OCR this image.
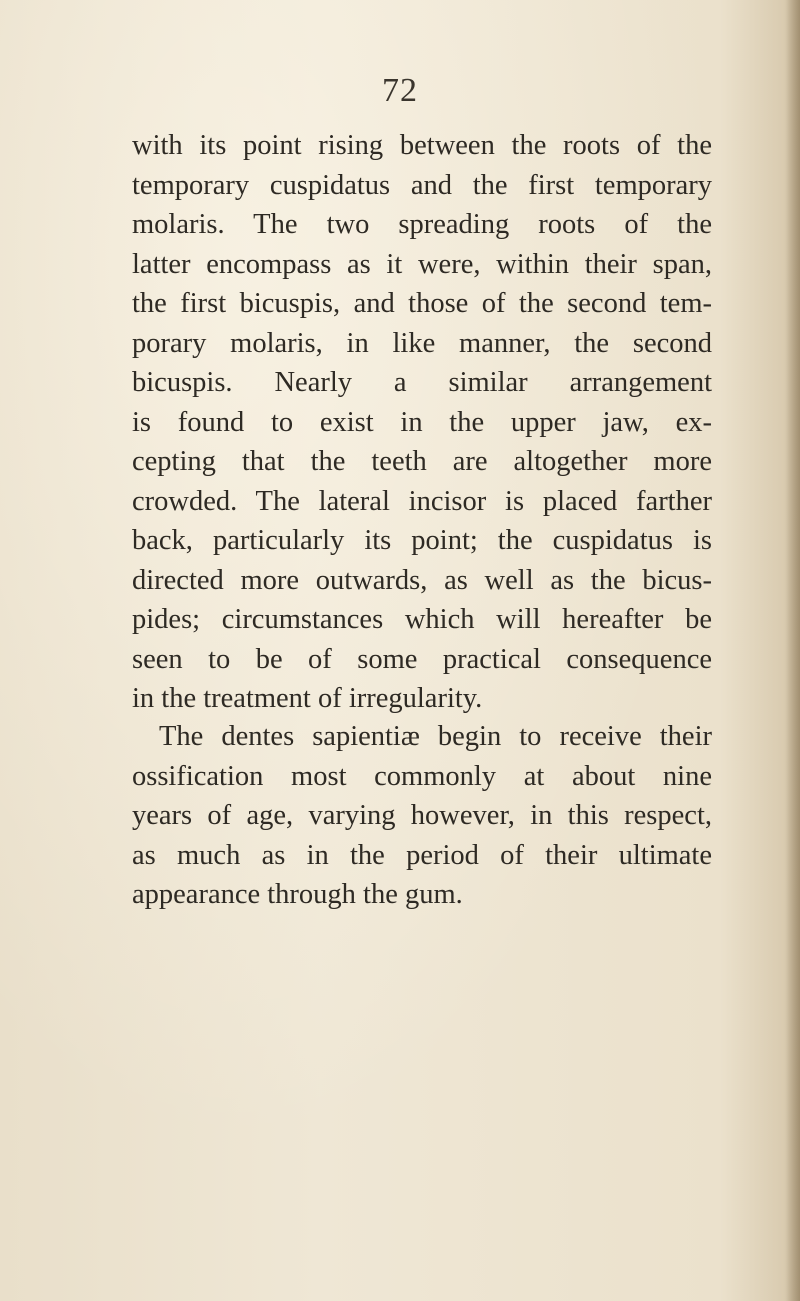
72
with its point rising between the roots of the
temporary cuspidatus and the first temporary
molaris. The two spreading roots of the
latter encompass as it were, within their span,
the first bicuspis, and those of the second tem-
porary molaris, in like manner, the second
bicuspis. Nearly a similar arrangement
is found to exist in the upper jaw, ex-
cepting that the teeth are altogether more
crowded. The lateral incisor is placed farther
back, particularly its point; the cuspidatus is
directed more outwards, as well as the bicus-
pides; circumstances which will hereafter be
seen to be of some practical consequence
in the treatment of irregularity.
The dentes sapientiæ begin to receive their
ossification most commonly at about nine
years of age, varying however, in this respect,
as much as in the period of their ultimate
appearance through the gum.
